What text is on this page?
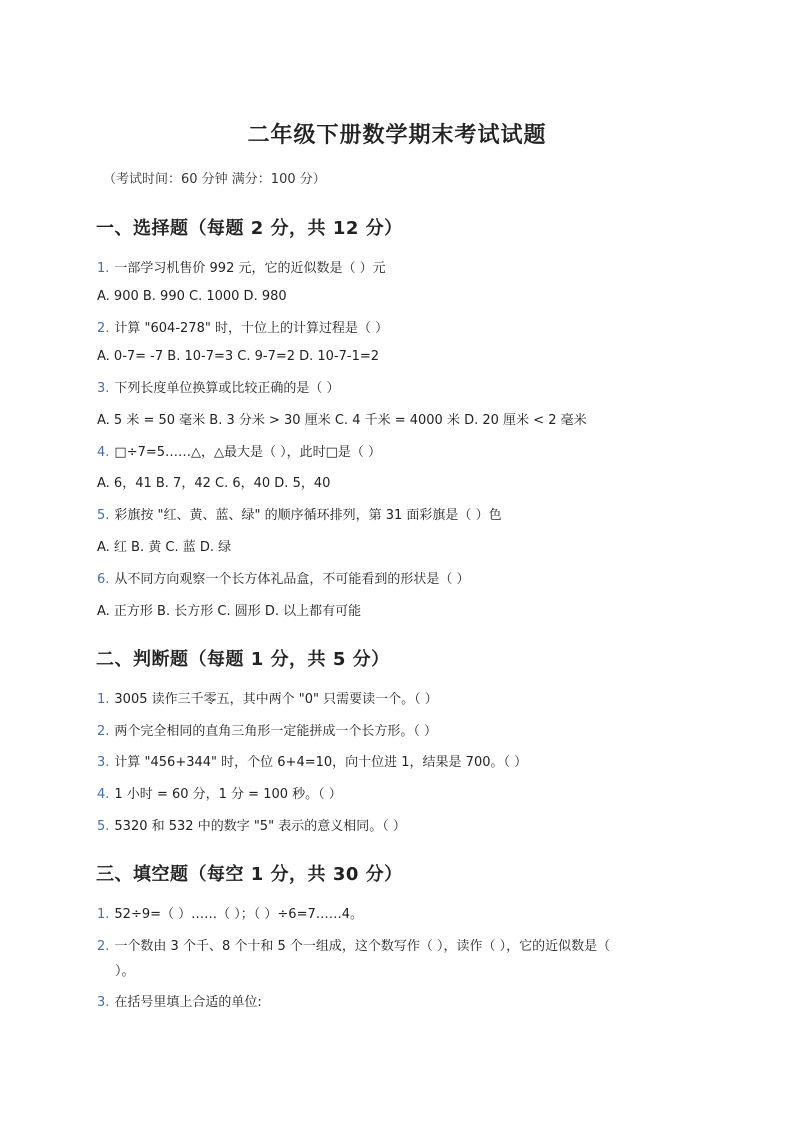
二年级下册数学期末考试试题
（考试时间：60 分钟 满分：100 分）
一、选择题（每题 2 分，共 12 分）
1. 一部学习机售价 992 元，它的近似数是（ ）元
A. 900 B. 990 C. 1000 D. 980
2. 计算 "604-278" 时，十位上的计算过程是（ ）
A. 0-7= -7 B. 10-7=3 C. 9-7=2 D. 10-7-1=2
3. 下列长度单位换算或比较正确的是（ ）
A. 5 米 = 50 毫米 B. 3 分米 > 30 厘米 C. 4 千米 = 4000 米 D. 20 厘米 < 2 毫米
4. □÷7=5……△，△最大是（ ），此时□是（ ）
A. 6，41 B. 7，42 C. 6，40 D. 5，40
5. 彩旗按 "红、黄、蓝、绿" 的顺序循环排列，第 31 面彩旗是（ ）色
A. 红 B. 黄 C. 蓝 D. 绿
6. 从不同方向观察一个长方体礼品盒，不可能看到的形状是（ ）
A. 正方形 B. 长方形 C. 圆形 D. 以上都有可能
二、判断题（每题 1 分，共 5 分）
1. 3005 读作三千零五，其中两个 "0" 只需要读一个。（ ）
2. 两个完全相同的直角三角形一定能拼成一个长方形。（ ）
3. 计算 "456+344" 时，个位 6+4=10，向十位进 1，结果是 700。（ ）
4. 1 小时 = 60 分，1 分 = 100 秒。（ ）
5. 5320 和 532 中的数字 "5" 表示的意义相同。（ ）
三、填空题（每空 1 分，共 30 分）
1. 52÷9=（ ）……（ ）；（ ）÷6=7……4。
2. 一个数由 3 个千、8 个十和 5 个一组成，这个数写作（ ），读作（ ），它的近似数是（
）。
3. 在括号里填上合适的单位:
